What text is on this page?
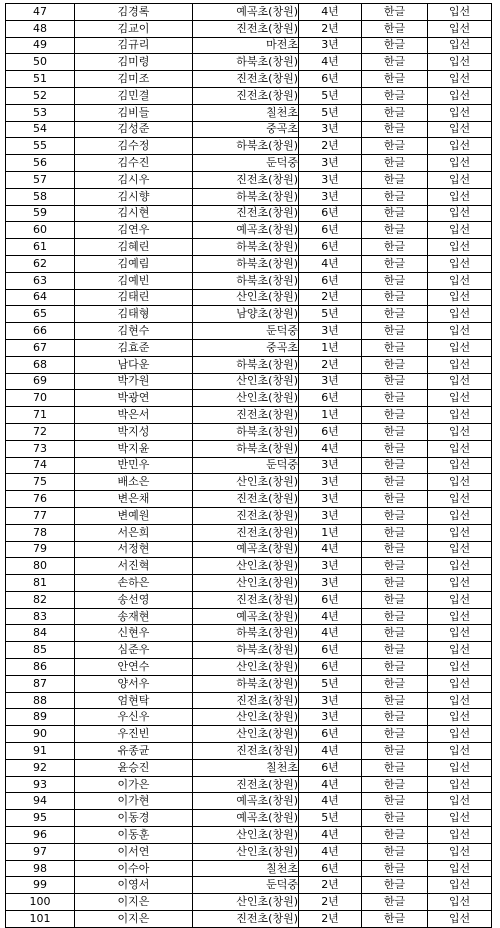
47	김경록	예곡초(창원)	4년	한글	입선
48	김교이	진전초(창원)	2년	한글	입선
49	김규리	마전초	3년	한글	입선
50	김미령	하북초(창원)	4년	한글	입선
51	김미조	진전초(창원)	6년	한글	입선
52	김민결	진전초(창원)	5년	한글	입선
53	김비들	칠천초	5년	한글	입선
54	김성준	중곡초	3년	한글	입선
55	김수정	하북초(창원)	2년	한글	입선
56	김수진	둔덕중	3년	한글	입선
57	김시우	진전초(창원)	3년	한글	입선
58	김시향	하북초(창원)	3년	한글	입선
59	김시현	진전초(창원)	6년	한글	입선
60	김연우	예곡초(창원)	6년	한글	입선
61	김혜린	하북초(창원)	6년	한글	입선
62	김예림	하북초(창원)	4년	한글	입선
63	김예빈	하북초(창원)	6년	한글	입선
64	김태린	산인초(창원)	2년	한글	입선
65	김태형	남양초(창원)	5년	한글	입선
66	김현수	둔덕중	3년	한글	입선
67	김효준	중곡초	1년	한글	입선
68	남다운	하북초(창원)	2년	한글	입선
69	박가원	산인초(창원)	3년	한글	입선
70	박광연	산인초(창원)	6년	한글	입선
71	박은서	진전초(창원)	1년	한글	입선
72	박지성	하북초(창원)	6년	한글	입선
73	박지윤	하북초(창원)	4년	한글	입선
74	반민우	둔덕중	3년	한글	입선
75	배소은	산인초(창원)	3년	한글	입선
76	변은채	진전초(창원)	3년	한글	입선
77	변예원	진전초(창원)	3년	한글	입선
78	서은희	진전초(창원)	1년	한글	입선
79	서정현	예곡초(창원)	4년	한글	입선
80	서진혁	산인초(창원)	3년	한글	입선
81	손하은	산인초(창원)	3년	한글	입선
82	송선영	진전초(창원)	6년	한글	입선
83	송재현	예곡초(창원)	4년	한글	입선
84	신현우	하북초(창원)	4년	한글	입선
85	심준우	하북초(창원)	6년	한글	입선
86	안연수	산인초(창원)	6년	한글	입선
87	양서우	하북초(창원)	5년	한글	입선
88	엄현탁	진전초(창원)	3년	한글	입선
89	우신우	산인초(창원)	3년	한글	입선
90	우진빈	산인초(창원)	6년	한글	입선
91	유종균	진전초(창원)	4년	한글	입선
92	윤승진	칠천초	6년	한글	입선
93	이가은	진전초(창원)	4년	한글	입선
94	이가현	예곡초(창원)	4년	한글	입선
95	이동경	예곡초(창원)	5년	한글	입선
96	이동훈	산인초(창원)	4년	한글	입선
97	이서연	산인초(창원)	4년	한글	입선
98	이수아	칠천초	6년	한글	입선
99	이영서	둔덕중	2년	한글	입선
100	이지은	산인초(창원)	2년	한글	입선
101	이지은	진전초(창원)	2년	한글	입선
